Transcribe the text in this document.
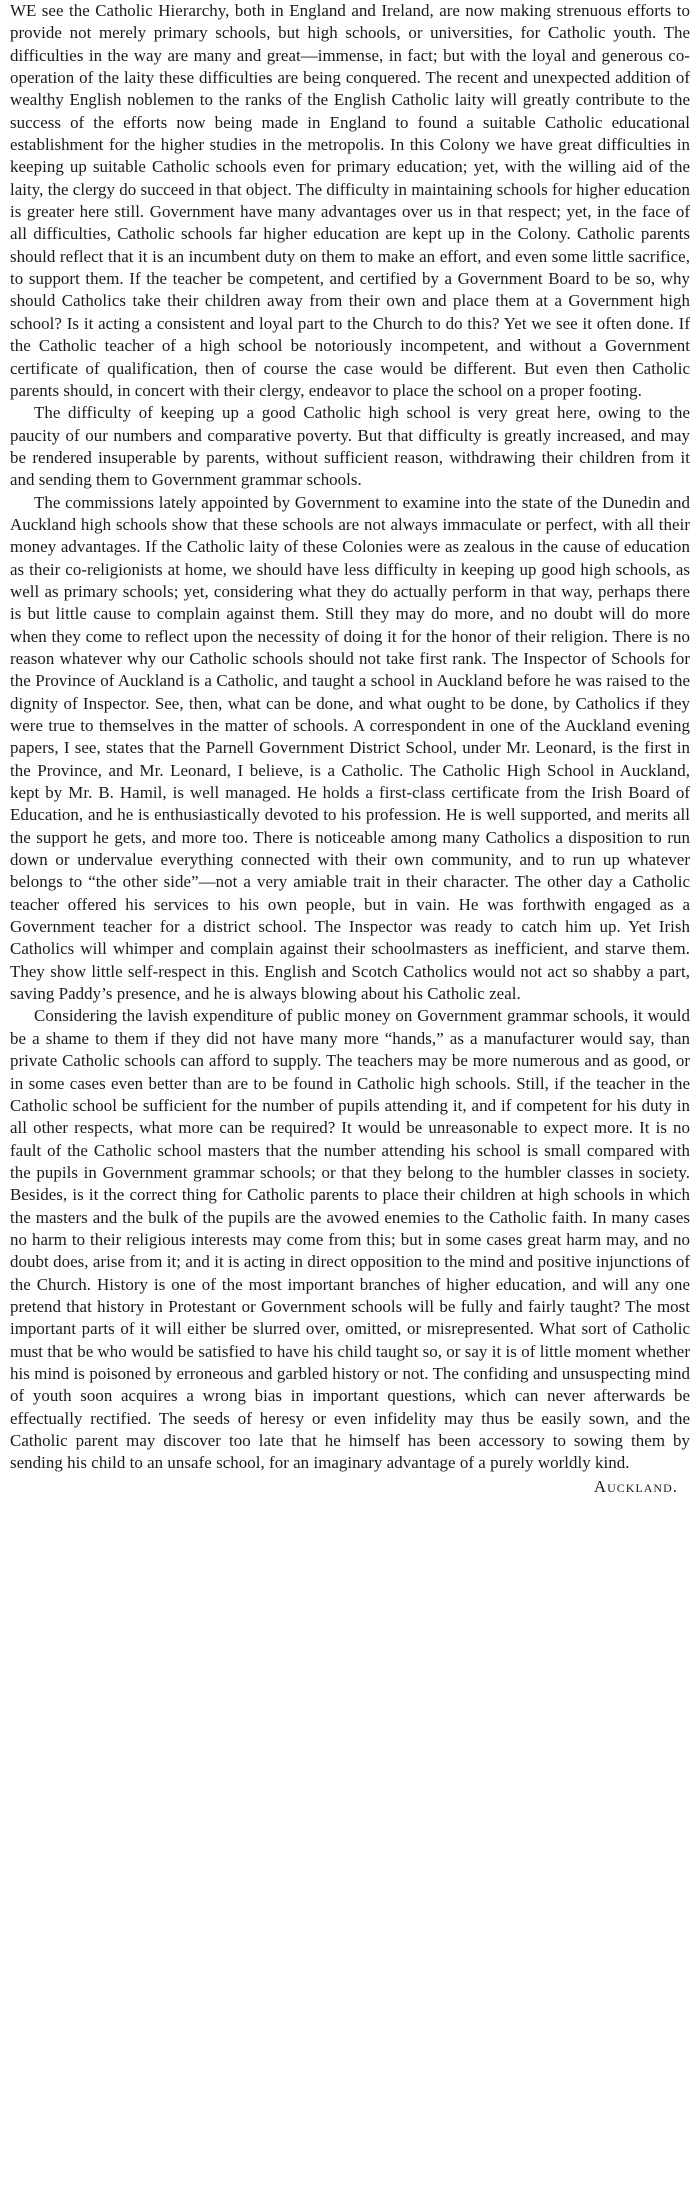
WE see the Catholic Hierarchy, both in England and Ireland, are now making strenuous efforts to provide not merely primary schools, but high schools, or universities, for Catholic youth. The difficulties in the way are many and great—immense, in fact; but with the loyal and generous co-operation of the laity these difficulties are being conquered. The recent and unexpected addition of wealthy English noblemen to the ranks of the English Catholic laity will greatly contribute to the success of the efforts now being made in England to found a suitable Catholic educational establishment for the higher studies in the metropolis. In this Colony we have great difficulties in keeping up suitable Catholic schools even for primary education; yet, with the willing aid of the laity, the clergy do succeed in that object. The difficulty in maintaining schools for higher education is greater here still. Government have many advantages over us in that respect; yet, in the face of all difficulties, Catholic schools far higher education are kept up in the Colony. Catholic parents should reflect that it is an incumbent duty on them to make an effort, and even some little sacrifice, to support them. If the teacher be competent, and certified by a Government Board to be so, why should Catholics take their children away from their own and place them at a Government high school? Is it acting a consistent and loyal part to the Church to do this? Yet we see it often done. If the Catholic teacher of a high school be notoriously incompetent, and without a Government certificate of qualification, then of course the case would be different. But even then Catholic parents should, in concert with their clergy, endeavor to place the school on a proper footing.

The difficulty of keeping up a good Catholic high school is very great here, owing to the paucity of our numbers and comparative poverty. But that difficulty is greatly increased, and may be rendered insuperable by parents, without sufficient reason, withdrawing their children from it and sending them to Government grammar schools.

The commissions lately appointed by Government to examine into the state of the Dunedin and Auckland high schools show that these schools are not always immaculate or perfect, with all their money advantages. If the Catholic laity of these Colonies were as zealous in the cause of education as their co-religionists at home, we should have less difficulty in keeping up good high schools, as well as primary schools; yet, considering what they do actually perform in that way, perhaps there is but little cause to complain against them. Still they may do more, and no doubt will do more when they come to reflect upon the necessity of doing it for the honor of their religion. There is no reason whatever why our Catholic schools should not take first rank. The Inspector of Schools for the Province of Auckland is a Catholic, and taught a school in Auckland before he was raised to the dignity of Inspector. See, then, what can be done, and what ought to be done, by Catholics if they were true to themselves in the matter of schools. A correspondent in one of the Auckland evening papers, I see, states that the Parnell Government District School, under Mr. Leonard, is the first in the Province, and Mr. Leonard, I believe, is a Catholic. The Catholic High School in Auckland, kept by Mr. B. Hamil, is well managed. He holds a first-class certificate from the Irish Board of Education, and he is enthusiastically devoted to his profession. He is well supported, and merits all the support he gets, and more too. There is noticeable among many Catholics a disposition to run down or undervalue everything connected with their own community, and to run up whatever belongs to “the other side”—not a very amiable trait in their character. The other day a Catholic teacher offered his services to his own people, but in vain. He was forthwith engaged as a Government teacher for a district school. The Inspector was ready to catch him up. Yet Irish Catholics will whimper and complain against their schoolmasters as inefficient, and starve them. They show little self-respect in this. English and Scotch Catholics would not act so shabby a part, saving Paddy’s presence, and he is always blowing about his Catholic zeal.

Considering the lavish expenditure of public money on Government grammar schools, it would be a shame to them if they did not have many more “hands,” as a manufacturer would say, than private Catholic schools can afford to supply. The teachers may be more numerous and as good, or in some cases even better than are to be found in Catholic high schools. Still, if the teacher in the Catholic school be sufficient for the number of pupils attending it, and if competent for his duty in all other respects, what more can be required? It would be unreasonable to expect more. It is no fault of the Catholic school masters that the number attending his school is small compared with the pupils in Government grammar schools; or that they belong to the humbler classes in society. Besides, is it the correct thing for Catholic parents to place their children at high schools in which the masters and the bulk of the pupils are the avowed enemies to the Catholic faith. In many cases no harm to their religious interests may come from this; but in some cases great harm may, and no doubt does, arise from it; and it is acting in direct opposition to the mind and positive injunctions of the Church. History is one of the most important branches of higher education, and will any one pretend that history in Protestant or Government schools will be fully and fairly taught? The most important parts of it will either be slurred over, omitted, or misrepresented. What sort of Catholic must that be who would be satisfied to have his child taught so, or say it is of little moment whether his mind is poisoned by erroneous and garbled history or not. The confiding and unsuspecting mind of youth soon acquires a wrong bias in important questions, which can never afterwards be effectually rectified. The seeds of heresy or even infidelity may thus be easily sown, and the Catholic parent may discover too late that he himself has been accessory to sowing them by sending his child to an unsafe school, for an imaginary advantage of a purely worldly kind.

Auckland.
